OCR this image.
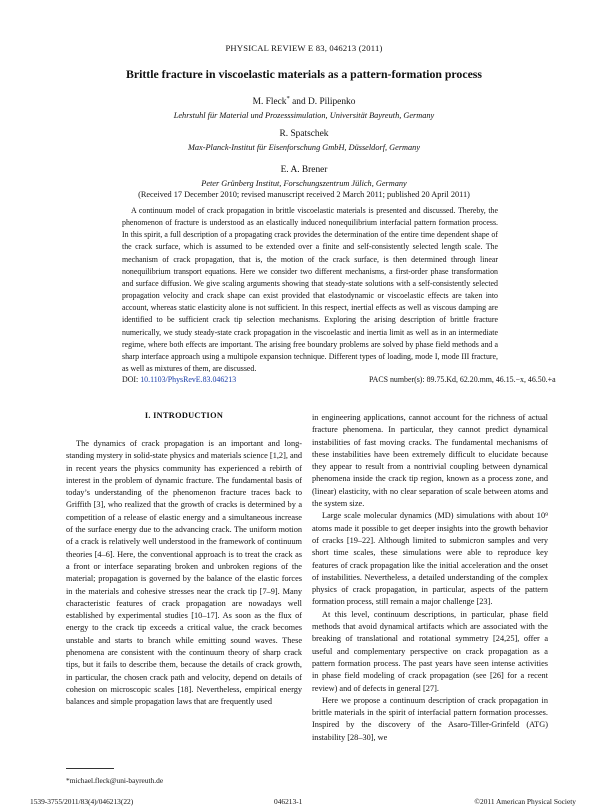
PHYSICAL REVIEW E 83, 046213 (2011)
Brittle fracture in viscoelastic materials as a pattern-formation process
M. Fleck* and D. Pilipenko
Lehrstuhl für Material und Prozesssimulation, Universität Bayreuth, Germany
R. Spatschek
Max-Planck-Institut für Eisenforschung GmbH, Düsseldorf, Germany
E. A. Brener
Peter Grünberg Institut, Forschungszentrum Jülich, Germany
(Received 17 December 2010; revised manuscript received 2 March 2011; published 20 April 2011)
A continuum model of crack propagation in brittle viscoelastic materials is presented and discussed. Thereby, the phenomenon of fracture is understood as an elastically induced nonequilibrium interfacial pattern formation process. In this spirit, a full description of a propagating crack provides the determination of the entire time dependent shape of the crack surface, which is assumed to be extended over a finite and self-consistently selected length scale. The mechanism of crack propagation, that is, the motion of the crack surface, is then determined through linear nonequilibrium transport equations. Here we consider two different mechanisms, a first-order phase transformation and surface diffusion. We give scaling arguments showing that steady-state solutions with a self-consistently selected propagation velocity and crack shape can exist provided that elastodynamic or viscoelastic effects are taken into account, whereas static elasticity alone is not sufficient. In this respect, inertial effects as well as viscous damping are identified to be sufficient crack tip selection mechanisms. Exploring the arising description of brittle fracture numerically, we study steady-state crack propagation in the viscoelastic and inertia limit as well as in an intermediate regime, where both effects are important. The arising free boundary problems are solved by phase field methods and a sharp interface approach using a multipole expansion technique. Different types of loading, mode I, mode III fracture, as well as mixtures of them, are discussed.
DOI: 10.1103/PhysRevE.83.046213	PACS number(s): 89.75.Kd, 62.20.mm, 46.15.−x, 46.50.+a
I. INTRODUCTION

The dynamics of crack propagation is an important and long-standing mystery in solid-state physics and materials science [1,2], and in recent years the physics community has experienced a rebirth of interest in the problem of dynamic fracture. The fundamental basis of today’s understanding of the phenomenon fracture traces back to Griffith [3], who realized that the growth of cracks is determined by a competition of a release of elastic energy and a simultaneous increase of the surface energy due to the advancing crack. The uniform motion of a crack is relatively well understood in the framework of continuum theories [4–6]. Here, the conventional approach is to treat the crack as a front or interface separating broken and unbroken regions of the material; propagation is governed by the balance of the elastic forces in the materials and cohesive stresses near the crack tip [7–9]. Many characteristic features of crack propagation are nowadays well established by experimental studies [10–17]. As soon as the flux of energy to the crack tip exceeds a critical value, the crack becomes unstable and starts to branch while emitting sound waves. These phenomena are consistent with the continuum theory of sharp crack tips, but it fails to describe them, because the details of crack growth, in particular, the chosen crack path and velocity, depend on details of cohesion on microscopic scales [18]. Nevertheless, empirical energy balances and simple propagation laws that are frequently used

in engineering applications, cannot account for the richness of actual fracture phenomena. In particular, they cannot predict dynamical instabilities of fast moving cracks. The fundamental mechanisms of these instabilities have been extremely difficult to elucidate because they appear to result from a nontrivial coupling between dynamical phenomena inside the crack tip region, known as a process zone, and (linear) elasticity, with no clear separation of scale between atoms and the system size.

Large scale molecular dynamics (MD) simulations with about 10⁹ atoms made it possible to get deeper insights into the growth behavior of cracks [19–22]. Although limited to submicron samples and very short time scales, these simulations were able to reproduce key features of crack propagation like the initial acceleration and the onset of instabilities. Nevertheless, a detailed understanding of the complex physics of crack propagation, in particular, aspects of the pattern formation process, still remain a major challenge [23].

At this level, continuum descriptions, in particular, phase field methods that avoid dynamical artifacts which are associated with the breaking of translational and rotational symmetry [24,25], offer a useful and complementary perspective on crack propagation as a pattern formation process. The past years have seen intense activities in phase field modeling of crack propagation (see [26] for a recent review) and of defects in general [27].

Here we propose a continuum description of crack propagation in brittle materials in the spirit of interfacial pattern formation processes. Inspired by the discovery of the Asaro-Tiller-Grinfeld (ATG) instability [28–30], we

*michael.fleck@uni-bayreuth.de
1539-3755/2011/83(4)/046213(22)	046213-1	©2011 American Physical Society
